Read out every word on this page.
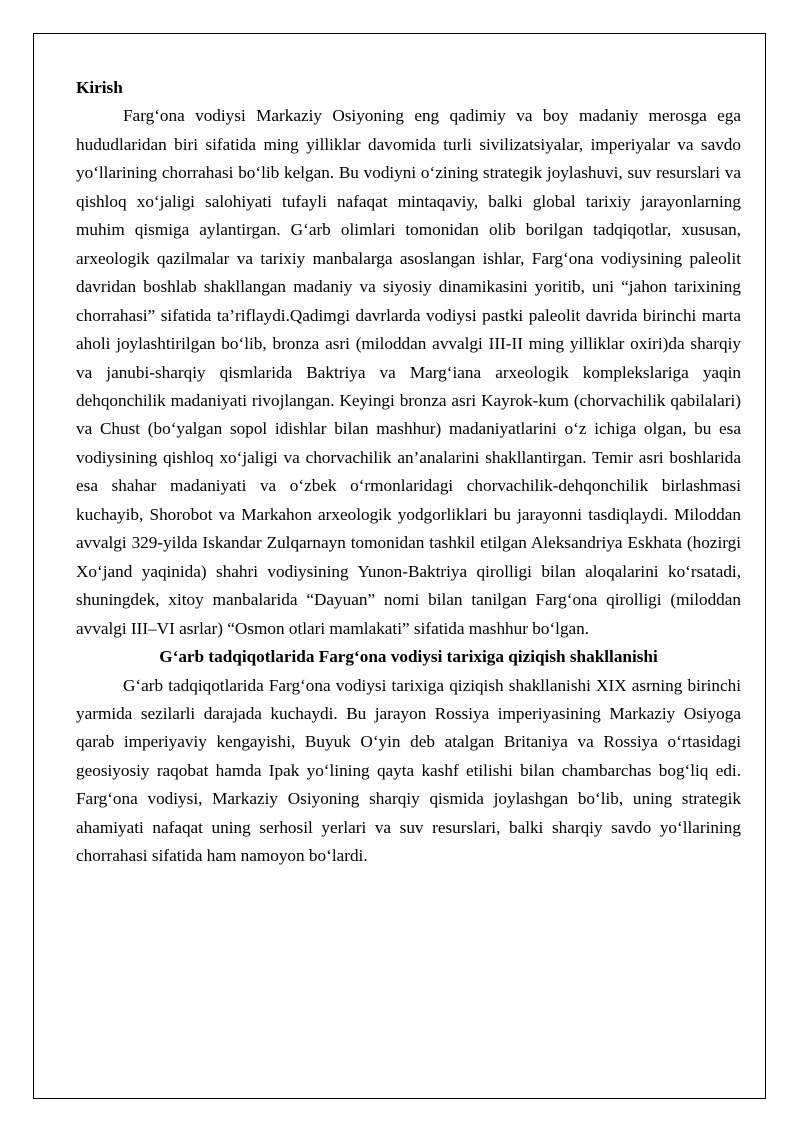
Kirish

Farg‘ona vodiysi Markaziy Osiyoning eng qadimiy va boy madaniy merosga ega hududlaridan biri sifatida ming yilliklar davomida turli sivilizatsiyalar, imperiyalar va savdo yo‘llarining chorrahasi bo‘lib kelgan. Bu vodiyni o‘zining strategik joylashuvi, suv resurslari va qishloq xo‘jaligi salohiyati tufayli nafaqat mintaqaviy, balki global tarixiy jarayonlarning muhim qismiga aylantirgan. G‘arb olimlari tomonidan olib borilgan tadqiqotlar, xususan, arxeologik qazilmalar va tarixiy manbalarga asoslangan ishlar, Farg‘ona vodiysining paleolit davridan boshlab shakllangan madaniy va siyosiy dinamikasini yoritib, uni “jahon tarixining chorrahasi” sifatida ta’riflaydi.Qadimgi davrlarda vodiysi pastki paleolit davrida birinchi marta aholi joylashtirilgan bo‘lib, bronza asri (miloddan avvalgi III-II ming yilliklar oxiri)da sharqiy va janubi-sharqiy qismlarida Baktriya va Marg‘iana arxeologik komplekslariga yaqin dehqonchilik madaniyati rivojlangan. Keyingi bronza asri Kayrok-kum (chorvachilik qabilalari) va Chust (bo‘yalgan sopol idishlar bilan mashhur) madaniyatlarini o‘z ichiga olgan, bu esa vodiysining qishloq xo‘jaligi va chorvachilik an’analarini shakllantirgan. Temir asri boshlarida esa shahar madaniyati va o‘zbek o‘rmonlaridagi chorvachilik-dehqonchilik birlashmasi kuchayib, Shorobot va Markahon arxeologik yodgorliklari bu jarayonni tasdiqlaydi. Miloddan avvalgi 329-yilda Iskandar Zulqarnayn tomonidan tashkil etilgan Aleksandriya Eskhata (hozirgi Xo‘jand yaqinida) shahri vodiysining Yunon-Baktriya qirolligi bilan aloqalarini ko‘rsatadi, shuningdek, xitoy manbalarida “Dayuan” nomi bilan tanilgan Farg‘ona qirolligi (miloddan avvalgi III–VI asrlar) “Osmon otlari mamlakati” sifatida mashhur bo‘lgan.

G‘arb tadqiqotlarida Farg‘ona vodiysi tarixiga qiziqish shakllanishi

G‘arb tadqiqotlarida Farg‘ona vodiysi tarixiga qiziqish shakllanishi XIX asrning birinchi yarmida sezilarli darajada kuchaydi. Bu jarayon Rossiya imperiyasining Markaziy Osiyoga qarab imperiyaviy kengayishi, Buyuk O‘yin deb atalgan Britaniya va Rossiya o‘rtasidagi geosiyosiy raqobat hamda Ipak yo‘lining qayta kashf etilishi bilan chambarchas bog‘liq edi. Farg‘ona vodiysi, Markaziy Osiyoning sharqiy qismida joylashgan bo‘lib, uning strategik ahamiyati nafaqat uning serhosil yerlari va suv resurslari, balki sharqiy savdo yo‘llarining chorrahasi sifatida ham namoyon bo‘lardi.
